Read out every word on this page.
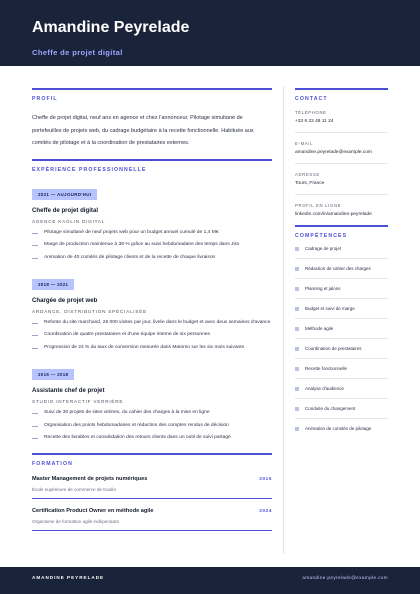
Amandine Peyrelade
Cheffe de projet digital
PROFIL

Cheffe de projet digital, neuf ans en agence et chez l'annonceur. Pilotage simultané de portefeuilles de projets web, du cadrage budgétaire à la recette fonctionnelle. Habituée aux comités de pilotage et à la coordination de prestataires externes.

EXPÉRIENCE PROFESSIONNELLE
2021 — AUJOURD'HUI
Cheffe de projet digital
AGENCE KAOLIN DIGITAL
Pilotage simultané de neuf projets web pour un budget annuel cumulé de 1,4 M€
Marge de production maintenue à 38 % grâce au suivi hebdomadaire des temps dans Jira
Animation de 40 comités de pilotage clients et de la recette de chaque livraison
2018 — 2021
Chargée de projet web
ARDANCE, DISTRIBUTION SPÉCIALISÉE
Refonte du site marchand, 26 000 visites par jour, livrée dans le budget et avec deux semaines d'avance
Coordination de quatre prestataires et d'une équipe interne de six personnes
Progression de 24 % du taux de conversion mesurée dans Matomo sur les six mois suivants
2016 — 2018
Assistante chef de projet
STUDIO INTERACTIF VERRIÈRE
Suivi de 30 projets de sites vitrines, du cahier des charges à la mise en ligne
Organisation des points hebdomadaires et rédaction des comptes rendus de décision
Recette des livrables et consolidation des retours clients dans un outil de suivi partagé
FORMATION
Master Management de projets numériques	2016
École supérieure de commerce de Kaolin
Certification Product Owner en méthode agile	2024
Organisme de formation agile indépendant
CONTACT
TÉLÉPHONE
+33 6 22 48 11 24
E-MAIL
amandine.peyrelade@example.com
ADRESSE
Tours, France
PROFIL EN LIGNE
linkedin.com/in/amandine-peyrelade
COMPÉTENCES
Cadrage de projet
Rédaction de cahier des charges
Planning et jalons
Budget et suivi de marge
Méthode agile
Coordination de prestataires
Recette fonctionnelle
Analyse d'audience
Conduite du changement
Animation de comités de pilotage
AMANDINE PEYRELADE	amandine.peyrelade@example.com
